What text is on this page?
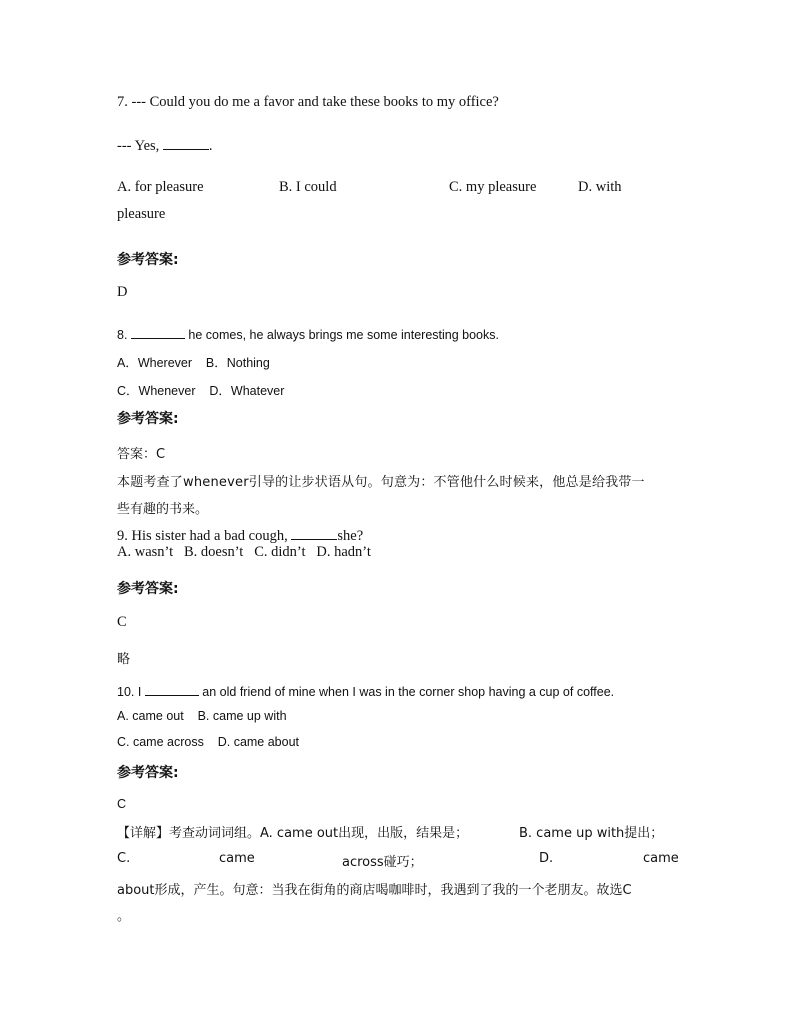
7. --- Could you do me a favor and take these books to my office?
--- Yes,	.
A. for pleasure	B. I could	C. my pleasure	D. with
pleasure
参考答案:
D
8.	he comes, he always brings me some interesting books.
A．Wherever    B．Nothing
C．Whenever    D．Whatever
参考答案:
答案：C
本题考查了whenever引导的让步状语从句。句意为：不管他什么时候来，他总是给我带一
些有趣的书来。
9. His sister had a bad cough,	she?
A. wasn’t   B. doesn’t   C. didn’t   D. hadn’t
参考答案:
C
略
10. I	an old friend of mine when I was in the corner shop having a cup of coffee.
A. came out    B. came up with
C. came across    D. came about
参考答案:
C
【详解】考查动词词组。A. came out出现，出版，结果是；	B. came up with提出；
C.	came	across碰巧；	D.	came
about形成，产生。句意：当我在街角的商店喝咖啡时，我遇到了我的一个老朋友。故选C
。
